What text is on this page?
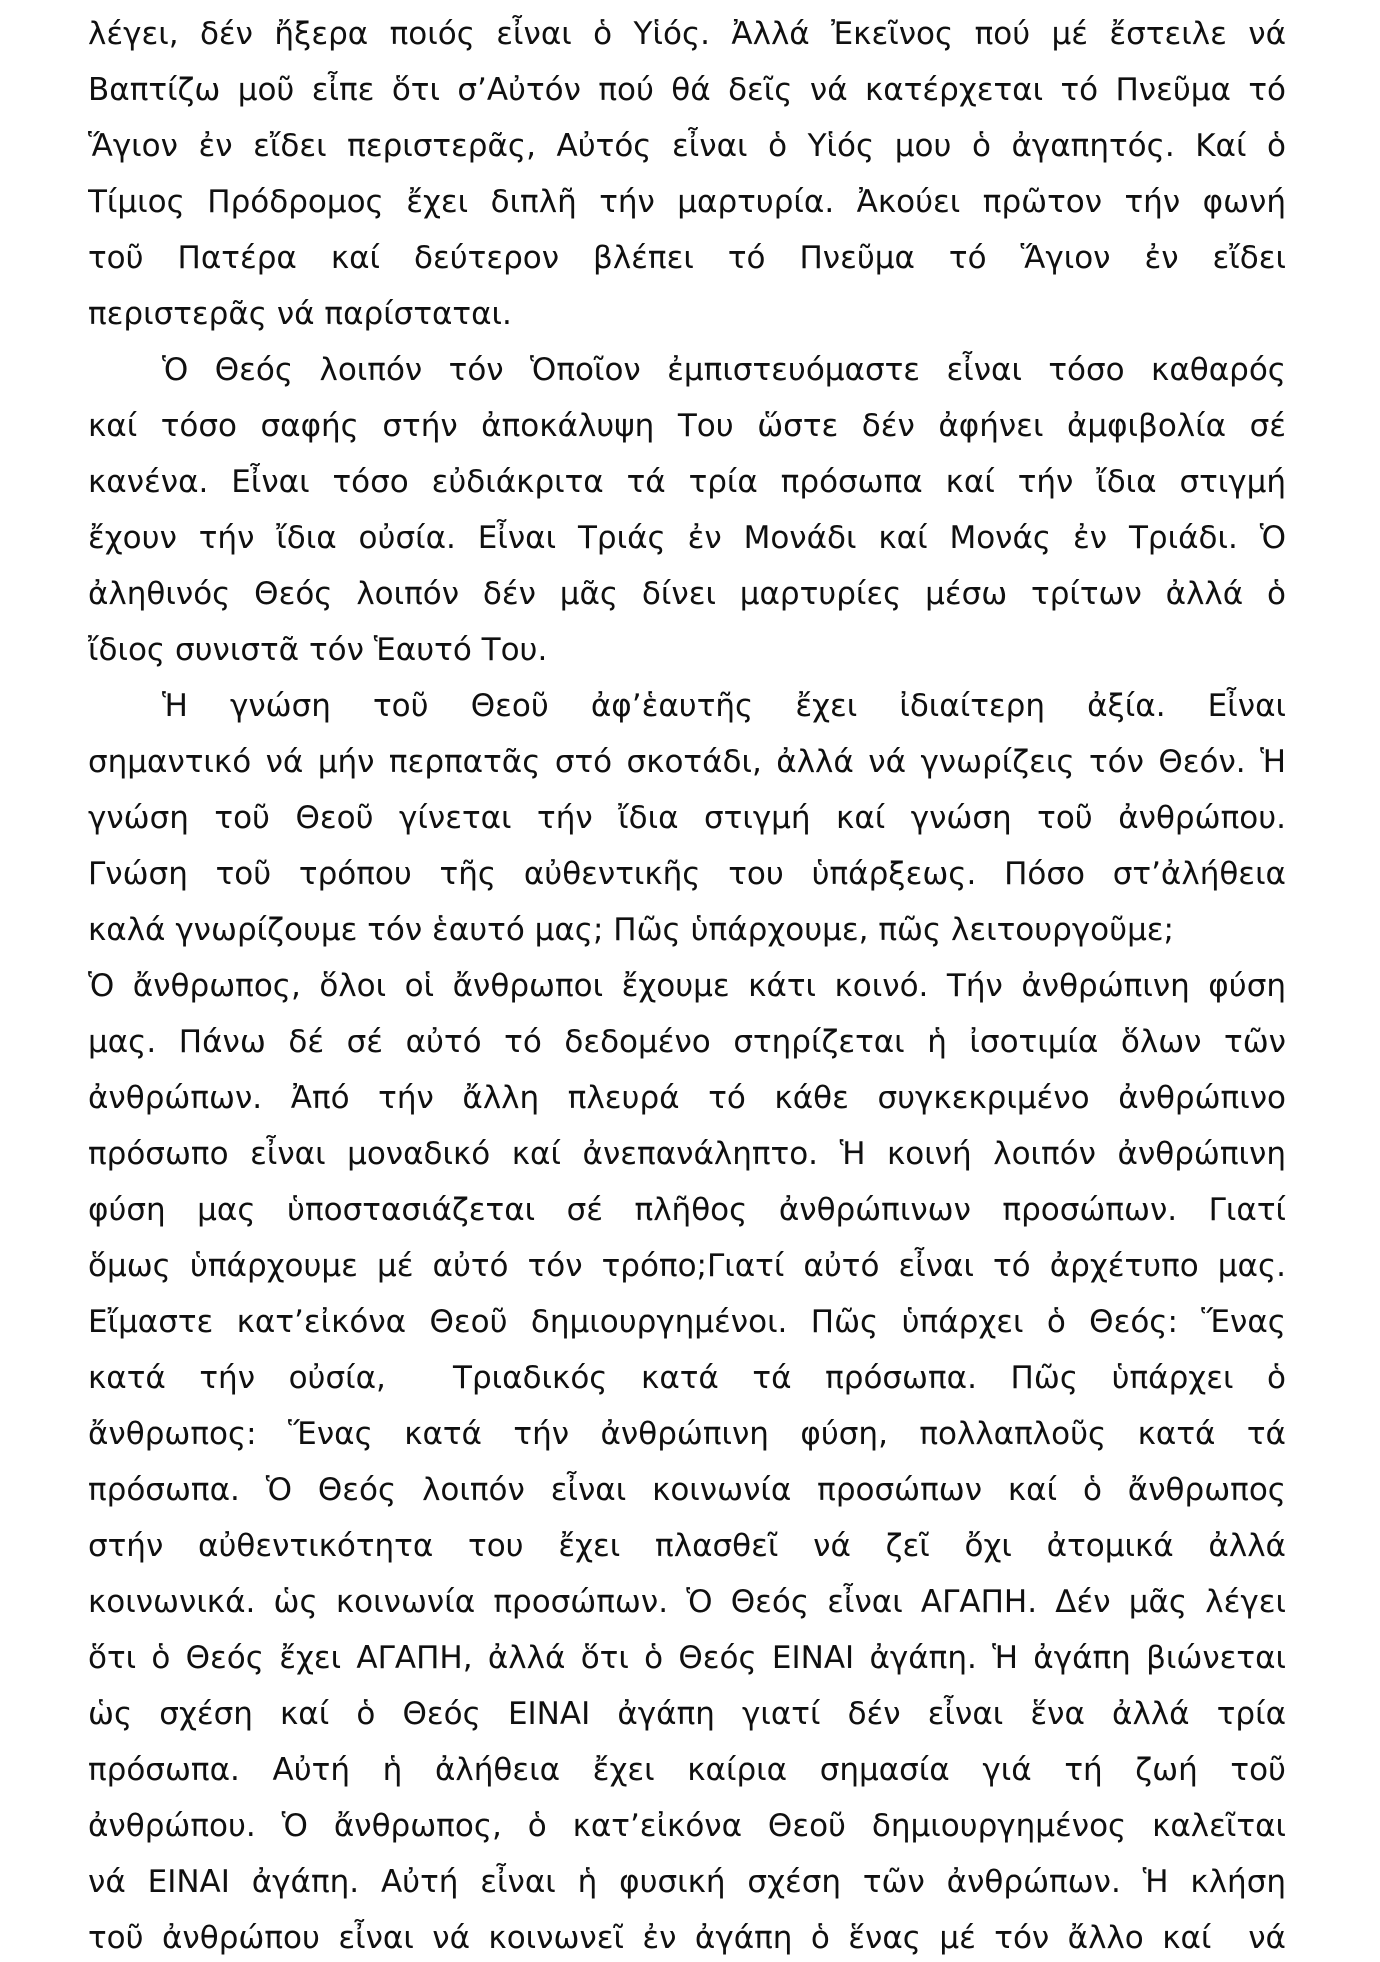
λέγει, δέν ἤξερα ποιός εἶναι ὁ Υἱός. Ἀλλά Ἐκεῖνος πού μέ ἔστειλε νά
Βαπτίζω μοῦ εἶπε ὅτι σ’Αὐτόν πού θά δεῖς νά κατέρχεται τό Πνεῦμα τό
Ἅγιον ἐν εἴδει περιστερᾶς, Αὐτός εἶναι ὁ Υἱός μου ὁ ἀγαπητός. Καί ὁ
Τίμιος Πρόδρομος ἔχει διπλῆ τήν μαρτυρία. Ἀκούει πρῶτον τήν φωνή
τοῦ Πατέρα καί δεύτερον βλέπει τό Πνεῦμα τό Ἅγιον ἐν εἴδει
περιστερᾶς νά παρίσταται.
Ὁ Θεός λοιπόν τόν Ὁποῖον ἐμπιστευόμαστε εἶναι τόσο καθαρός
καί τόσο σαφής στήν ἀποκάλυψη Του ὥστε δέν ἀφήνει ἀμφιβολία σέ
κανένα. Εἶναι τόσο εὐδιάκριτα τά τρία πρόσωπα καί τήν ἴδια στιγμή
ἔχουν τήν ἴδια οὐσία. Εἶναι Τριάς ἐν Μονάδι καί Μονάς ἐν Τριάδι. Ὁ
ἀληθινός Θεός λοιπόν δέν μᾶς δίνει μαρτυρίες μέσω τρίτων ἀλλά ὁ
ἴδιος συνιστᾶ τόν Ἑαυτό Του.
Ἡ γνώση τοῦ Θεοῦ ἀφ’ἑαυτῆς ἔχει ἰδιαίτερη ἀξία. Εἶναι
σημαντικό νά μήν περπατᾶς στό σκοτάδι, ἀλλά νά γνωρίζεις τόν Θεόν. Ἡ
γνώση τοῦ Θεοῦ γίνεται τήν ἴδια στιγμή καί γνώση τοῦ ἀνθρώπου.
Γνώση τοῦ τρόπου τῆς αὐθεντικῆς του ὑπάρξεως. Πόσο στ’ἀλήθεια
καλά γνωρίζουμε τόν ἑαυτό μας; Πῶς ὑπάρχουμε, πῶς λειτουργοῦμε;
Ὁ ἄνθρωπος, ὅλοι οἱ ἄνθρωποι ἔχουμε κάτι κοινό. Τήν ἀνθρώπινη φύση
μας. Πάνω δέ σέ αὐτό τό δεδομένο στηρίζεται ἡ ἰσοτιμία ὅλων τῶν
ἀνθρώπων. Ἀπό τήν ἄλλη πλευρά τό κάθε συγκεκριμένο ἀνθρώπινο
πρόσωπο εἶναι μοναδικό καί ἀνεπανάληπτο. Ἡ κοινή λοιπόν ἀνθρώπινη
φύση μας ὑποστασιάζεται σέ πλῆθος ἀνθρώπινων προσώπων. Γιατί
ὅμως ὑπάρχουμε μέ αὐτό τόν τρόπο;Γιατί αὐτό εἶναι τό ἀρχέτυπο μας.
Εἴμαστε κατ’εἰκόνα Θεοῦ δημιουργημένοι. Πῶς ὑπάρχει ὁ Θεός: Ἕνας
κατά τήν οὐσία,  Τριαδικός κατά τά πρόσωπα. Πῶς ὑπάρχει ὁ
ἄνθρωπος: Ἕνας κατά τήν ἀνθρώπινη φύση, πολλαπλοῦς κατά τά
πρόσωπα. Ὁ Θεός λοιπόν εἶναι κοινωνία προσώπων καί ὁ ἄνθρωπος
στήν αὐθεντικότητα του ἔχει πλασθεῖ νά ζεῖ ὄχι ἀτομικά ἀλλά
κοινωνικά. ὡς κοινωνία προσώπων. Ὁ Θεός εἶναι ΑΓΑΠΗ. Δέν μᾶς λέγει
ὅτι ὁ Θεός ἔχει ΑΓΑΠΗ, ἀλλά ὅτι ὁ Θεός ΕΙΝΑΙ ἀγάπη. Ἡ ἀγάπη βιώνεται
ὡς σχέση καί ὁ Θεός ΕΙΝΑΙ ἀγάπη γιατί δέν εἶναι ἕνα ἀλλά τρία
πρόσωπα. Αὐτή ἡ ἀλήθεια ἔχει καίρια σημασία γιά τή ζωή τοῦ
ἀνθρώπου. Ὁ ἄνθρωπος, ὁ κατ’εἰκόνα Θεοῦ δημιουργημένος καλεῖται
νά ΕΙΝΑΙ ἀγάπη. Αὐτή εἶναι ἡ φυσική σχέση τῶν ἀνθρώπων. Ἡ κλήση
τοῦ ἀνθρώπου εἶναι νά κοινωνεῖ ἐν ἀγάπη ὁ ἕνας μέ τόν ἄλλο καί  νά
